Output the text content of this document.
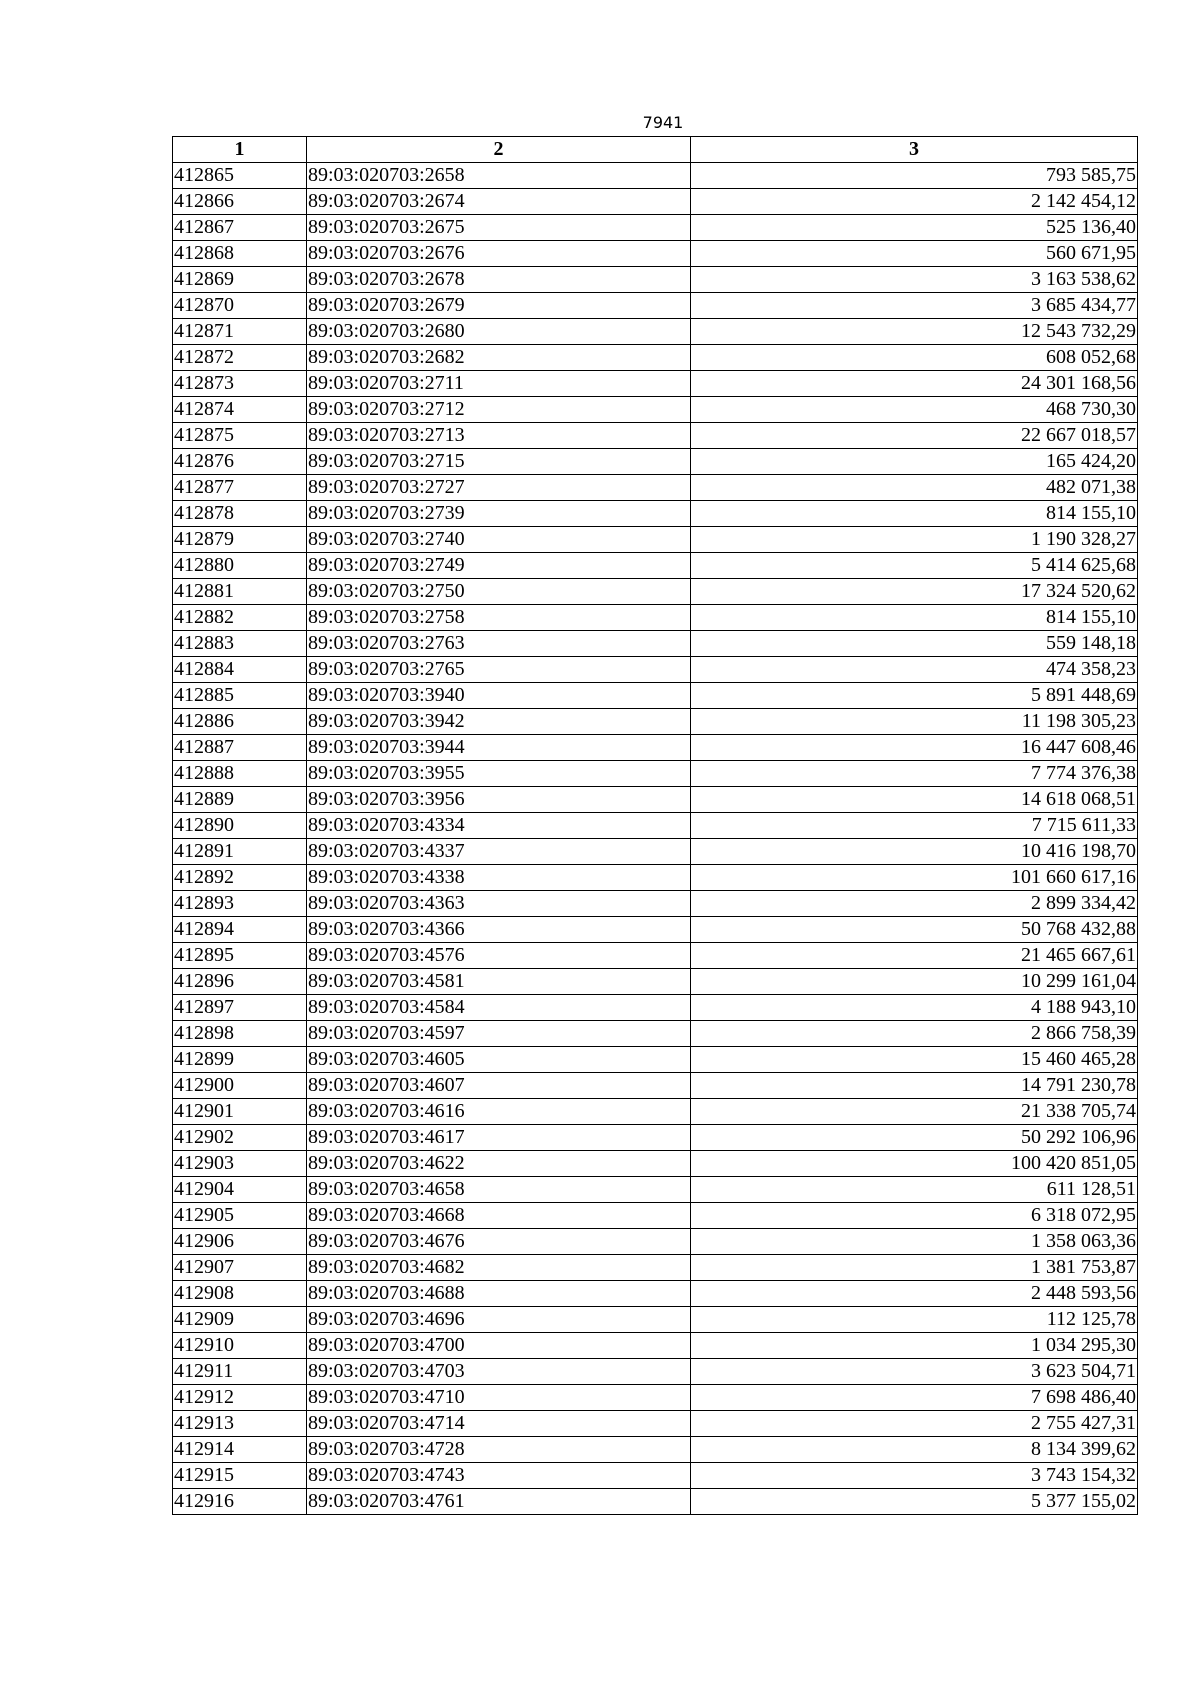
7941
1	2	3
412865	89:03:020703:2658	793 585,75
412866	89:03:020703:2674	2 142 454,12
412867	89:03:020703:2675	525 136,40
412868	89:03:020703:2676	560 671,95
412869	89:03:020703:2678	3 163 538,62
412870	89:03:020703:2679	3 685 434,77
412871	89:03:020703:2680	12 543 732,29
412872	89:03:020703:2682	608 052,68
412873	89:03:020703:2711	24 301 168,56
412874	89:03:020703:2712	468 730,30
412875	89:03:020703:2713	22 667 018,57
412876	89:03:020703:2715	165 424,20
412877	89:03:020703:2727	482 071,38
412878	89:03:020703:2739	814 155,10
412879	89:03:020703:2740	1 190 328,27
412880	89:03:020703:2749	5 414 625,68
412881	89:03:020703:2750	17 324 520,62
412882	89:03:020703:2758	814 155,10
412883	89:03:020703:2763	559 148,18
412884	89:03:020703:2765	474 358,23
412885	89:03:020703:3940	5 891 448,69
412886	89:03:020703:3942	11 198 305,23
412887	89:03:020703:3944	16 447 608,46
412888	89:03:020703:3955	7 774 376,38
412889	89:03:020703:3956	14 618 068,51
412890	89:03:020703:4334	7 715 611,33
412891	89:03:020703:4337	10 416 198,70
412892	89:03:020703:4338	101 660 617,16
412893	89:03:020703:4363	2 899 334,42
412894	89:03:020703:4366	50 768 432,88
412895	89:03:020703:4576	21 465 667,61
412896	89:03:020703:4581	10 299 161,04
412897	89:03:020703:4584	4 188 943,10
412898	89:03:020703:4597	2 866 758,39
412899	89:03:020703:4605	15 460 465,28
412900	89:03:020703:4607	14 791 230,78
412901	89:03:020703:4616	21 338 705,74
412902	89:03:020703:4617	50 292 106,96
412903	89:03:020703:4622	100 420 851,05
412904	89:03:020703:4658	611 128,51
412905	89:03:020703:4668	6 318 072,95
412906	89:03:020703:4676	1 358 063,36
412907	89:03:020703:4682	1 381 753,87
412908	89:03:020703:4688	2 448 593,56
412909	89:03:020703:4696	112 125,78
412910	89:03:020703:4700	1 034 295,30
412911	89:03:020703:4703	3 623 504,71
412912	89:03:020703:4710	7 698 486,40
412913	89:03:020703:4714	2 755 427,31
412914	89:03:020703:4728	8 134 399,62
412915	89:03:020703:4743	3 743 154,32
412916	89:03:020703:4761	5 377 155,02
